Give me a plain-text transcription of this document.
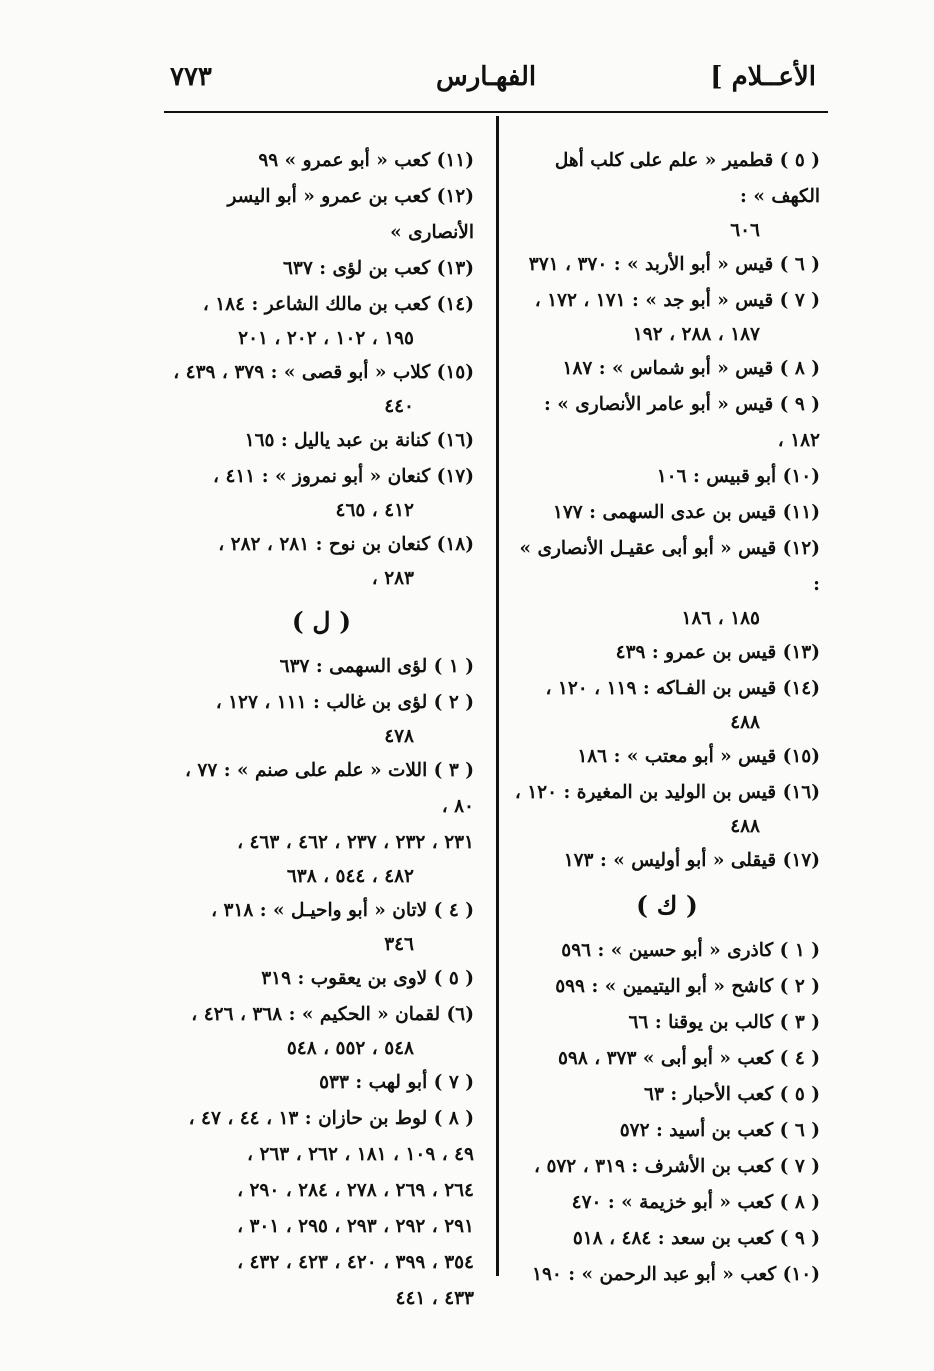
٧٧٣	الفهـارس	الأعــلام ]
( ٥ ) قطمير « علم على كلب أهل الكهف » :
٦٠٦
( ٦ ) قيس « أبو الأربد » : ٣٧٠ ، ٣٧١
( ٧ ) قيس « أبو جد » : ١٧١ ، ١٧٢ ،
١٨٧ ، ٢٨٨ ، ١٩٢
( ٨ ) قيس « أبو شماس » : ١٨٧
( ٩ ) قيس « أبو عامر الأنصارى » : ١٨٢ ،
(١٠) أبو قبيس : ١٠٦
(١١) قيس بن عدى السهمى : ١٧٧
(١٢) قيس « أبو أبى عقيـل الأنصارى » :
١٨٥ ، ١٨٦
(١٣) قيس بن عمرو : ٤٣٩
(١٤) قيس بن الفـاكه : ١١٩ ، ١٢٠ ،
٤٨٨
(١٥) قيس « أبو معتب » : ١٨٦
(١٦) قيس بن الوليد بن المغيرة : ١٢٠ ،
٤٨٨
(١٧) قيقلى « أبو أوليس » : ١٧٣
( ك )
( ١ ) كاذرى « أبو حسين » : ٥٩٦
( ٢ ) كاشح « أبو اليتيمين » : ٥٩٩
( ٣ ) كالب بن يوقنا : ٦٦
( ٤ ) كعب « أبو أبى » ٣٧٣ ، ٥٩٨
( ٥ ) كعب الأحبار : ٦٣
( ٦ ) كعب بن أسيد : ٥٧٢
( ٧ ) كعب بن الأشرف : ٣١٩ ، ٥٧٢ ،
( ٨ ) كعب « أبو خزيمة » : ٤٧٠
( ٩ ) كعب بن سعد : ٤٨٤ ، ٥١٨
(١٠) كعب « أبو عبد الرحمن » : ١٩٠
(١١) كعب « أبو عمرو » ٩٩
(١٢) كعب بن عمرو « أبو اليسر الأنصارى »
(١٣) كعب بن لؤى : ٦٣٧
(١٤) كعب بن مالك الشاعر : ١٨٤ ،
١٩٥ ، ١٠٢ ، ٢٠٢ ، ٢٠١
(١٥) كلاب « أبو قصى » : ٣٧٩ ، ٤٣٩ ،
٤٤٠
(١٦) كنانة بن عبد ياليل : ١٦٥
(١٧) كنعان « أبو نمروز » : ٤١١ ،
٤١٢ ، ٤٦٥
(١٨) كنعان بن نوح : ٢٨١ ، ٢٨٢ ،
٢٨٣ ،
( ل )
( ١ ) لؤى السهمى : ٦٣٧
( ٢ ) لؤى بن غالب : ١١١ ، ١٢٧ ،
٤٧٨
( ٣ ) اللات « علم على صنم » : ٧٧ ، ٨٠ ،
٢٣١ ، ٢٣٢ ، ٢٣٧ ، ٤٦٢ ، ٤٦٣ ،
٤٨٢ ، ٥٤٤ ، ٦٣٨
( ٤ ) لاتان « أبو واحيـل » : ٣١٨ ،
٣٤٦
( ٥ ) لاوى بن يعقوب : ٣١٩
(٦) لقمان « الحكيم » : ٣٦٨ ، ٤٢٦ ،
٥٤٨ ، ٥٥٢ ، ٥٤٨
( ٧ ) أبو لهب : ٥٣٣
( ٨ ) لوط بن حازان : ١٣ ، ٤٤ ، ٤٧ ،
٤٩ ، ١٠٩ ، ١٨١ ، ٢٦٢ ، ٢٦٣ ،
٢٦٤ ، ٢٦٩ ، ٢٧٨ ، ٢٨٤ ، ٢٩٠ ،
٢٩١ ، ٢٩٢ ، ٢٩٣ ، ٢٩٥ ، ٣٠١ ،
٣٥٤ ، ٣٩٩ ، ٤٢٠ ، ٤٢٣ ، ٤٣٢ ،
٤٣٣ ، ٤٤١
